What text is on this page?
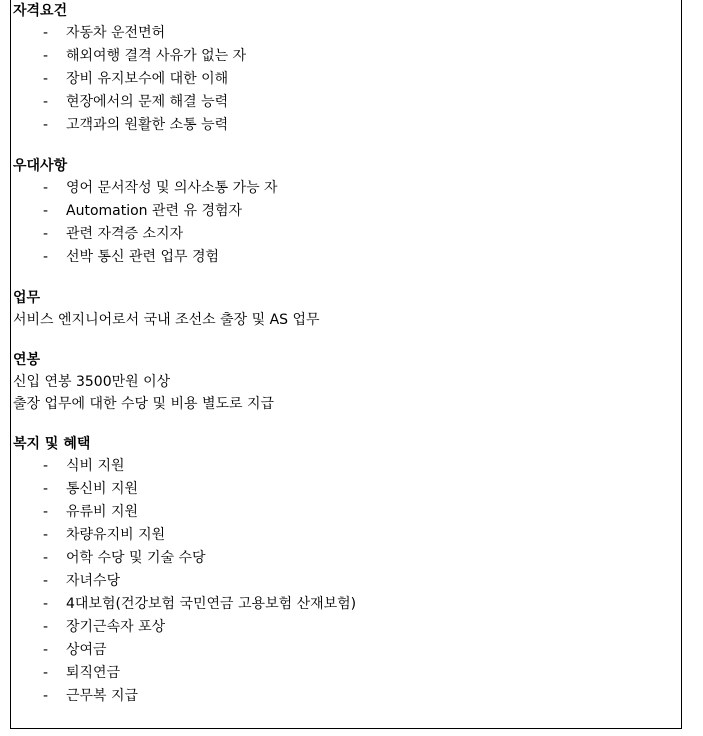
자격요건
- 자동차 운전면허
- 해외여행 결격 사유가 없는 자
- 장비 유지보수에 대한 이해
- 현장에서의 문제 해결 능력
- 고객과의 원활한 소통 능력
우대사항
- 영어 문서작성 및 의사소통 가능 자
- Automation 관련 유 경험자
- 관련 자격증 소지자
- 선박 통신 관련 업무 경험
업무
서비스 엔지니어로서 국내 조선소 출장 및 AS 업무
연봉
신입 연봉 3500만원 이상
출장 업무에 대한 수당 및 비용 별도로 지급
복지 및 혜택
- 식비 지원
- 통신비 지원
- 유류비 지원
- 차량유지비 지원
- 어학 수당 및 기술 수당
- 자녀수당
- 4대보험(건강보험 국민연금 고용보험 산재보험)
- 장기근속자 포상
- 상여금
- 퇴직연금
- 근무복 지급
